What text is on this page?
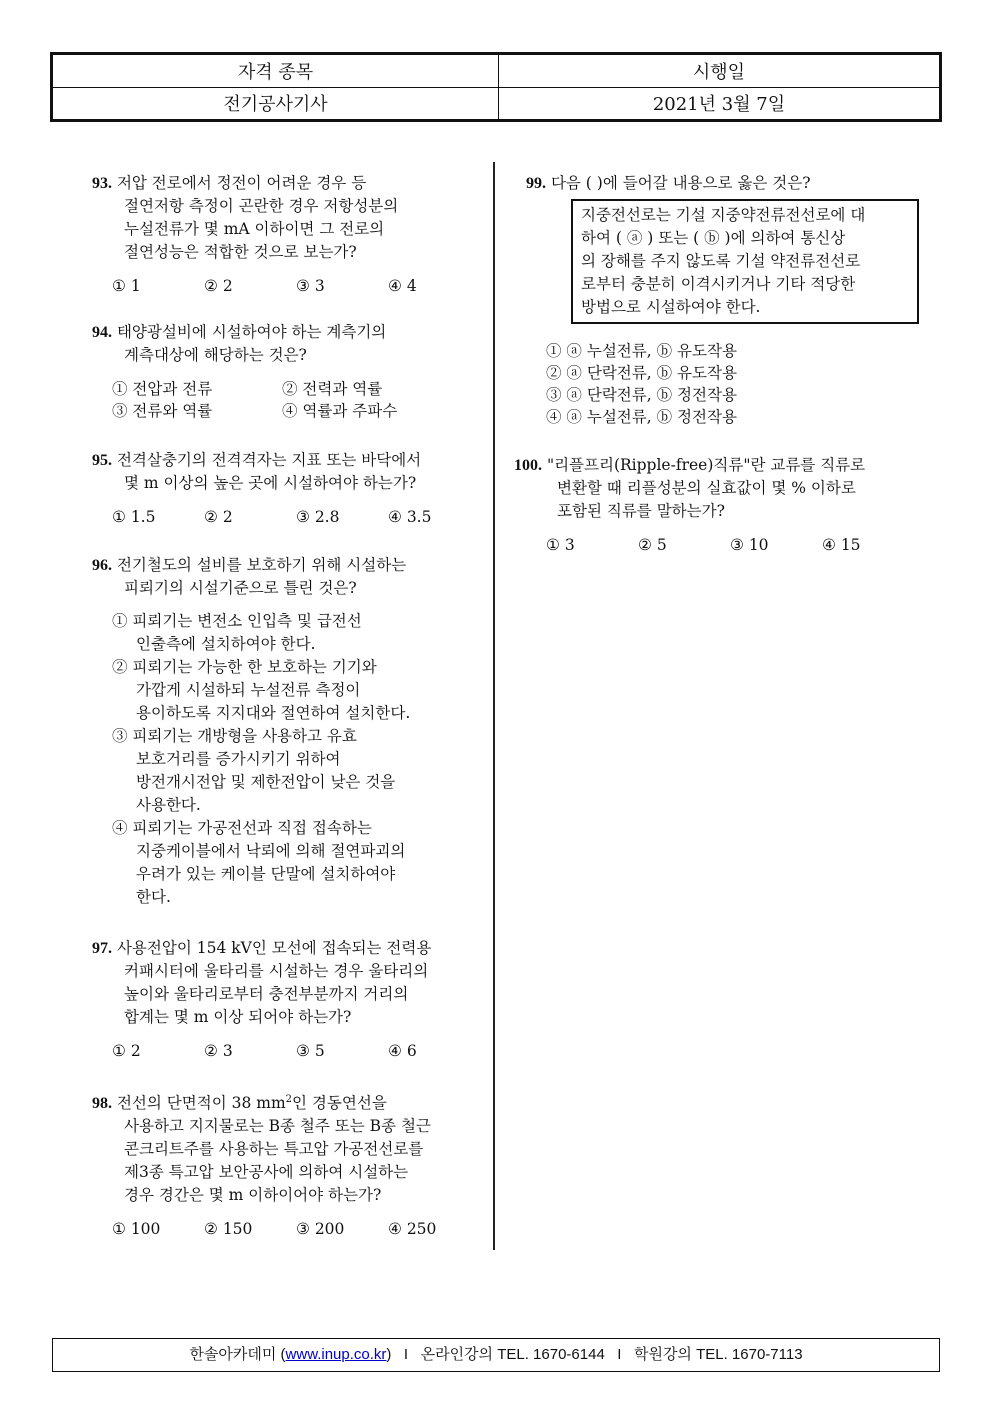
자격 종목	시행일
전기공사기사	2021년 3월 7일
93. 저압 전로에서 정전이 어려운 경우 등
절연저항 측정이 곤란한 경우 저항성분의
누설전류가 몇 mA 이하이면 그 전로의
절연성능은 적합한 것으로 보는가?
① 1	② 2	③ 3	④ 4
94. 태양광설비에 시설하여야 하는 계측기의
계측대상에 해당하는 것은?
① 전압과 전류	② 전력과 역률
③ 전류와 역률	④ 역률과 주파수
95. 전격살충기의 전격격자는 지표 또는 바닥에서
몇 m 이상의 높은 곳에 시설하여야 하는가?
① 1.5	② 2	③ 2.8	④ 3.5
96. 전기철도의 설비를 보호하기 위해 시설하는
피뢰기의 시설기준으로 틀린 것은?
① 피뢰기는 변전소 인입측 및 급전선
인출측에 설치하여야 한다.
② 피뢰기는 가능한 한 보호하는 기기와
가깝게 시설하되 누설전류 측정이
용이하도록 지지대와 절연하여 설치한다.
③ 피뢰기는 개방형을 사용하고 유효
보호거리를 증가시키기 위하여
방전개시전압 및 제한전압이 낮은 것을
사용한다.
④ 피뢰기는 가공전선과 직접 접속하는
지중케이블에서 낙뢰에 의해 절연파괴의
우려가 있는 케이블 단말에 설치하여야
한다.
97. 사용전압이 154 kV인 모선에 접속되는 전력용
커패시터에 울타리를 시설하는 경우 울타리의
높이와 울타리로부터 충전부분까지 거리의
합계는 몇 m 이상 되어야 하는가?
① 2	② 3	③ 5	④ 6
98. 전선의 단면적이 38 $mm^2$인 경동연선을
사용하고 지지물로는 B종 철주 또는 B종 철근
콘크리트주를 사용하는 특고압 가공전선로를
제3종 특고압 보안공사에 의하여 시설하는
경우 경간은 몇 m 이하이어야 하는가?
① 100	② 150	③ 200	④ 250
99. 다음 ( )에 들어갈 내용으로 옳은 것은?
지중전선로는 기설 지중약전류전선로에 대
하여 ( ⓐ ) 또는 ( ⓑ )에 의하여 통신상
의 장해를 주지 않도록 기설 약전류전선로
로부터 충분히 이격시키거나 기타 적당한
방법으로 시설하여야 한다.
① ⓐ 누설전류, ⓑ 유도작용
② ⓐ 단락전류, ⓑ 유도작용
③ ⓐ 단락전류, ⓑ 정전작용
④ ⓐ 누설전류, ⓑ 정전작용
100. "리플프리(Ripple-free)직류"란 교류를 직류로
변환할 때 리플성분의 실효값이 몇 % 이하로
포함된 직류를 말하는가?
① 3	② 5	③ 10	④ 15
한솔아카데미 (www.inup.co.kr)   I   온라인강의 TEL. 1670-6144   I   학원강의 TEL. 1670-7113
